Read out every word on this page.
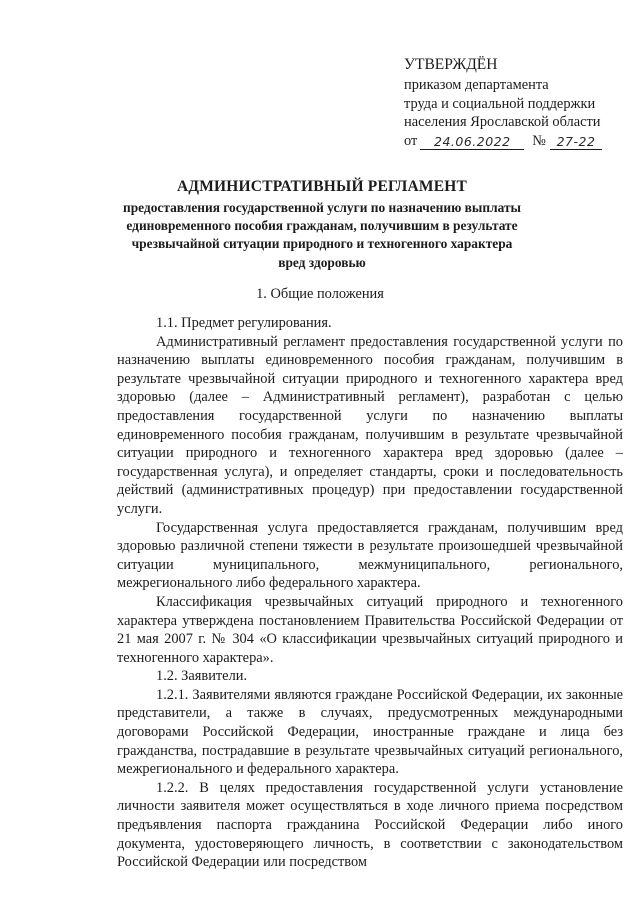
УТВЕРЖДЁН
приказом департамента
труда и социальной поддержки
населения Ярославской области
от	24.06.2022	№ 27-22
АДМИНИСТРАТИВНЫЙ РЕГЛАМЕНТ
предоставления государственной услуги по назначению выплаты единовременного пособия гражданам, получившим в результате чрезвычайной ситуации природного и техногенного характера вред здоровью
1. Общие положения

1.1. Предмет регулирования.

Административный регламент предоставления государственной услуги по назначению выплаты единовременного пособия гражданам, получившим в результате чрезвычайной ситуации природного и техногенного характера вред здоровью (далее – Административный регламент), разработан с целью предоставления государственной услуги по назначению выплаты единовременного пособия гражданам, получившим в результате чрезвычайной ситуации природного и техногенного характера вред здоровью (далее – государственная услуга), и определяет стандарты, сроки и последовательность действий (административных процедур) при предоставлении государственной услуги.

Государственная услуга предоставляется гражданам, получившим вред здоровью различной степени тяжести в результате произошедшей чрезвычайной ситуации муниципального, межмуниципального, регионального, межрегионального либо федерального характера.

Классификация чрезвычайных ситуаций природного и техногенного характера утверждена постановлением Правительства Российской Федерации от 21 мая 2007 г. № 304 «О классификации чрезвычайных ситуаций природного и техногенного характера».

1.2. Заявители.

1.2.1. Заявителями являются граждане Российской Федерации, их законные представители, а также в случаях, предусмотренных международными договорами Российской Федерации, иностранные граждане и лица без гражданства, пострадавшие в результате чрезвычайных ситуаций регионального, межрегионального и федерального характера.

1.2.2. В целях предоставления государственной услуги установление личности заявителя может осуществляться в ходе личного приема посредством предъявления паспорта гражданина Российской Федерации либо иного документа, удостоверяющего личность, в соответствии с законодательством Российской Федерации или посредством
